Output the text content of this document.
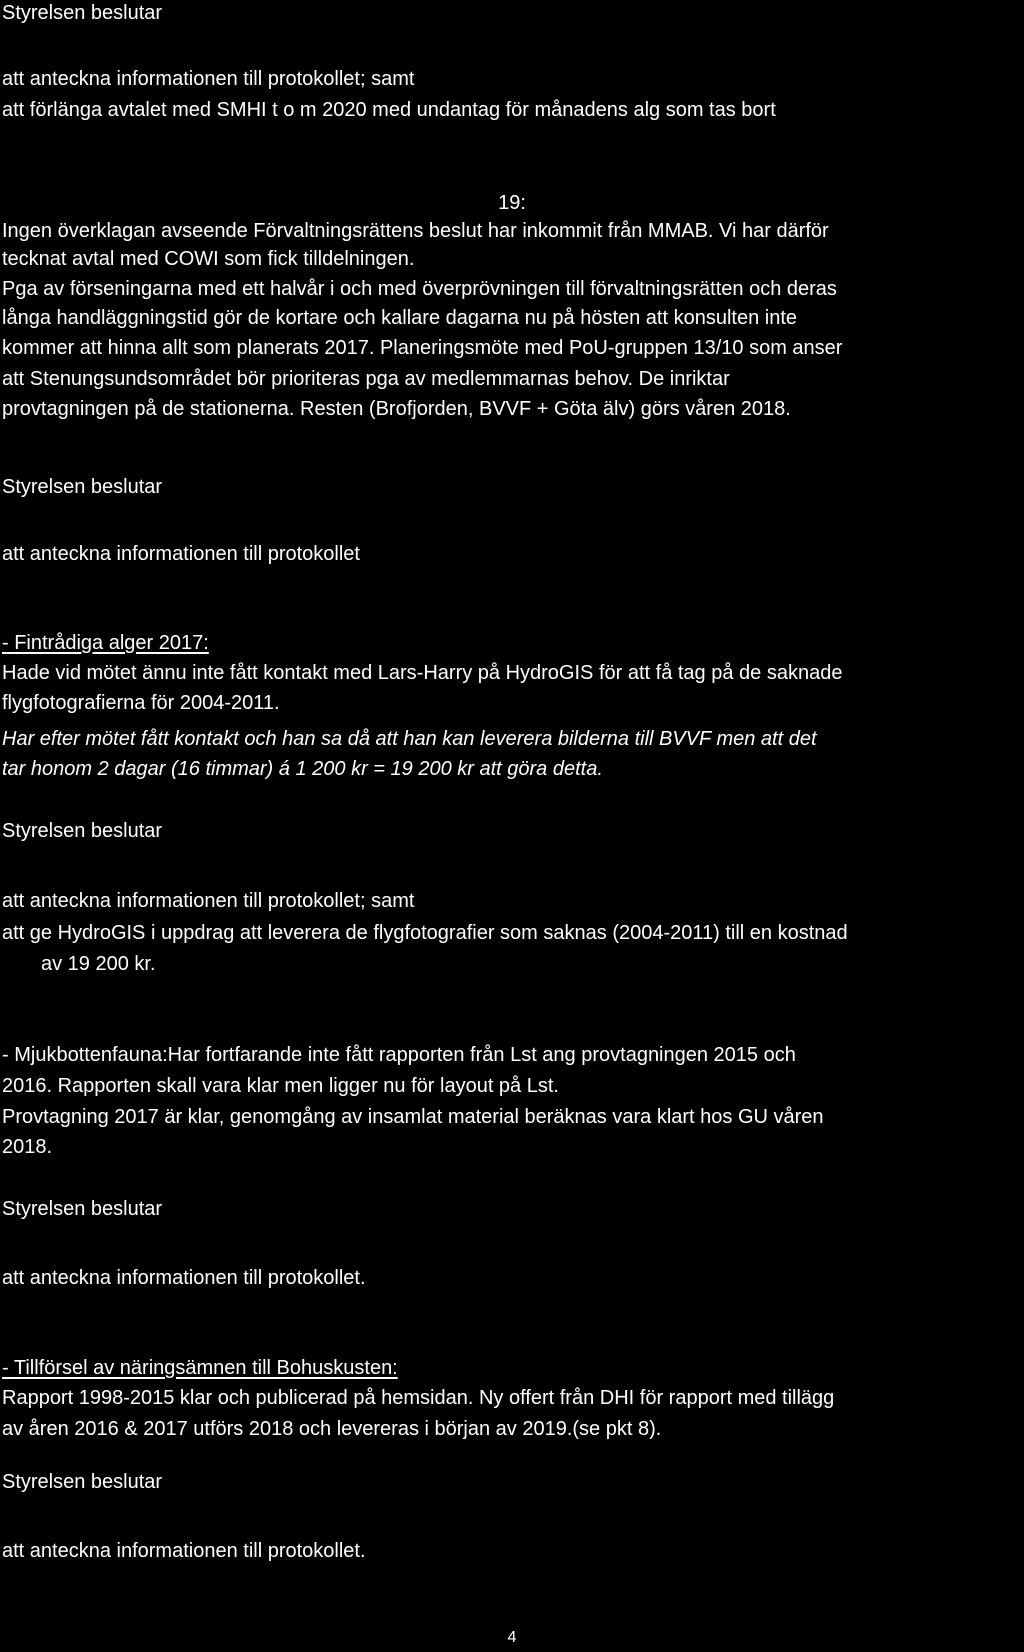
Styrelsen beslutar
att anteckna informationen till protokollet; samt
att förlänga avtalet med SMHI t o m 2020 med undantag för månadens alg som tas bort
19:
Ingen överklagan avseende Förvaltningsrättens beslut har inkommit från MMAB. Vi har därför
tecknat avtal med COWI som fick tilldelningen.
Pga av förseningarna med ett halvår i och med överprövningen till förvaltningsrätten och deras
långa handläggningstid gör de kortare och kallare dagarna nu på hösten att konsulten inte
kommer att hinna allt som planerats 2017. Planeringsmöte med PoU-gruppen 13/10 som anser
att Stenungsundsområdet bör prioriteras pga av medlemmarnas behov. De inriktar
provtagningen på de stationerna. Resten (Brofjorden, BVVF + Göta älv) görs våren 2018.
Styrelsen beslutar
att anteckna informationen till protokollet
- Fintrådiga alger 2017:
Hade vid mötet ännu inte fått kontakt med Lars-Harry på HydroGIS för att få tag på de saknade
flygfotografierna för 2004-2011.
Har efter mötet fått kontakt och han sa då att han kan leverera bilderna till BVVF men att det
tar honom 2 dagar (16 timmar) á 1 200 kr = 19 200 kr att göra detta.
Styrelsen beslutar
att anteckna informationen till protokollet; samt
att ge HydroGIS i uppdrag att leverera de flygfotografier som saknas (2004-2011) till en kostnad
av 19 200 kr.
- Mjukbottenfauna:Har fortfarande inte fått rapporten från Lst ang provtagningen 2015 och
2016. Rapporten skall vara klar men ligger nu för layout på Lst.
Provtagning 2017 är klar, genomgång av insamlat material beräknas vara klart hos GU våren
2018.
Styrelsen beslutar
att anteckna informationen till protokollet.
- Tillförsel av näringsämnen till Bohuskusten:
Rapport 1998-2015 klar och publicerad på hemsidan. Ny offert från DHI för rapport med tillägg
av åren 2016 & 2017 utförs 2018 och levereras i början av 2019.(se pkt 8).
Styrelsen beslutar
att anteckna informationen till protokollet.
4
